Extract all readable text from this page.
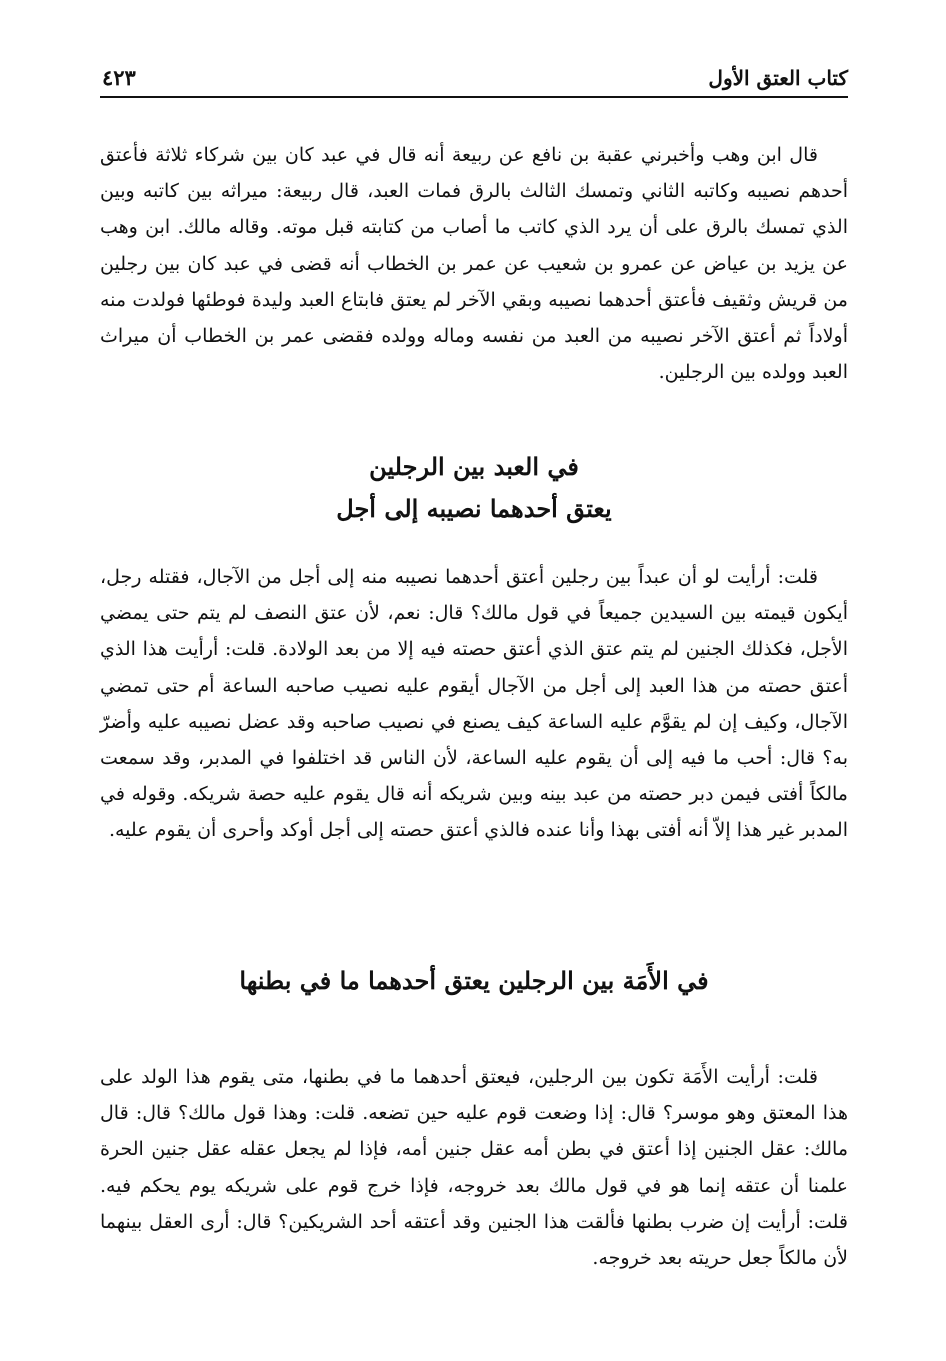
كتاب العتق الأول
٤٢٣

قال ابن وهب وأخبرني عقبة بن نافع عن ربيعة أنه قال في عبد كان بين شركاء ثلاثة فأعتق أحدهم نصيبه وكاتبه الثاني وتمسك الثالث بالرق فمات العبد، قال ربيعة: ميراثه بين كاتبه وبين الذي تمسك بالرق على أن يرد الذي كاتب ما أصاب من كتابته قبل موته. وقاله مالك. ابن وهب عن يزيد بن عياض عن عمرو بن شعيب عن عمر بن الخطاب أنه قضى في عبد كان بين رجلين من قريش وثقيف فأعتق أحدهما نصيبه وبقي الآخر لم يعتق فابتاع العبد وليدة فوطئها فولدت منه أولاداً ثم أعتق الآخر نصيبه من العبد من نفسه وماله وولده فقضى عمر بن الخطاب أن ميراث العبد وولده بين الرجلين.

في العبد بين الرجلين
يعتق أحدهما نصيبه إلى أجل

قلت: أرأيت لو أن عبداً بين رجلين أعتق أحدهما نصيبه منه إلى أجل من الآجال، فقتله رجل، أيكون قيمته بين السيدين جميعاً في قول مالك؟ قال: نعم، لأن عتق النصف لم يتم حتى يمضي الأجل، فكذلك الجنين لم يتم عتق الذي أعتق حصته فيه إلا من بعد الولادة. قلت: أرأيت هذا الذي أعتق حصته من هذا العبد إلى أجل من الآجال أيقوم عليه نصيب صاحبه الساعة أم حتى تمضي الآجال، وكيف إن لم يقوَّم عليه الساعة كيف يصنع في نصيب صاحبه وقد عضل نصيبه عليه وأضرّ به؟ قال: أحب ما فيه إلى أن يقوم عليه الساعة، لأن الناس قد اختلفوا في المدبر، وقد سمعت مالكاً أفتى فيمن دبر حصته من عبد بينه وبين شريكه أنه قال يقوم عليه حصة شريكه. وقوله في المدبر غير هذا إلاّ أنه أفتى بهذا وأنا عنده فالذي أعتق حصته إلى أجل أوكد وأحرى أن يقوم عليه.

في الأَمَة بين الرجلين يعتق أحدهما ما في بطنها

قلت: أرأيت الأَمَة تكون بين الرجلين، فيعتق أحدهما ما في بطنها، متى يقوم هذا الولد على هذا المعتق وهو موسر؟ قال: إذا وضعت قوم عليه حين تضعه. قلت: وهذا قول مالك؟ قال: قال مالك: عقل الجنين إذا أعتق في بطن أمه عقل جنين أمه، فإذا لم يجعل عقله عقل جنين الحرة علمنا أن عتقه إنما هو في قول مالك بعد خروجه، فإذا خرج قوم على شريكه يوم يحكم فيه. قلت: أرأيت إن ضرب بطنها فألقت هذا الجنين وقد أعتقه أحد الشريكين؟ قال: أرى العقل بينهما لأن مالكاً جعل حريته بعد خروجه.
